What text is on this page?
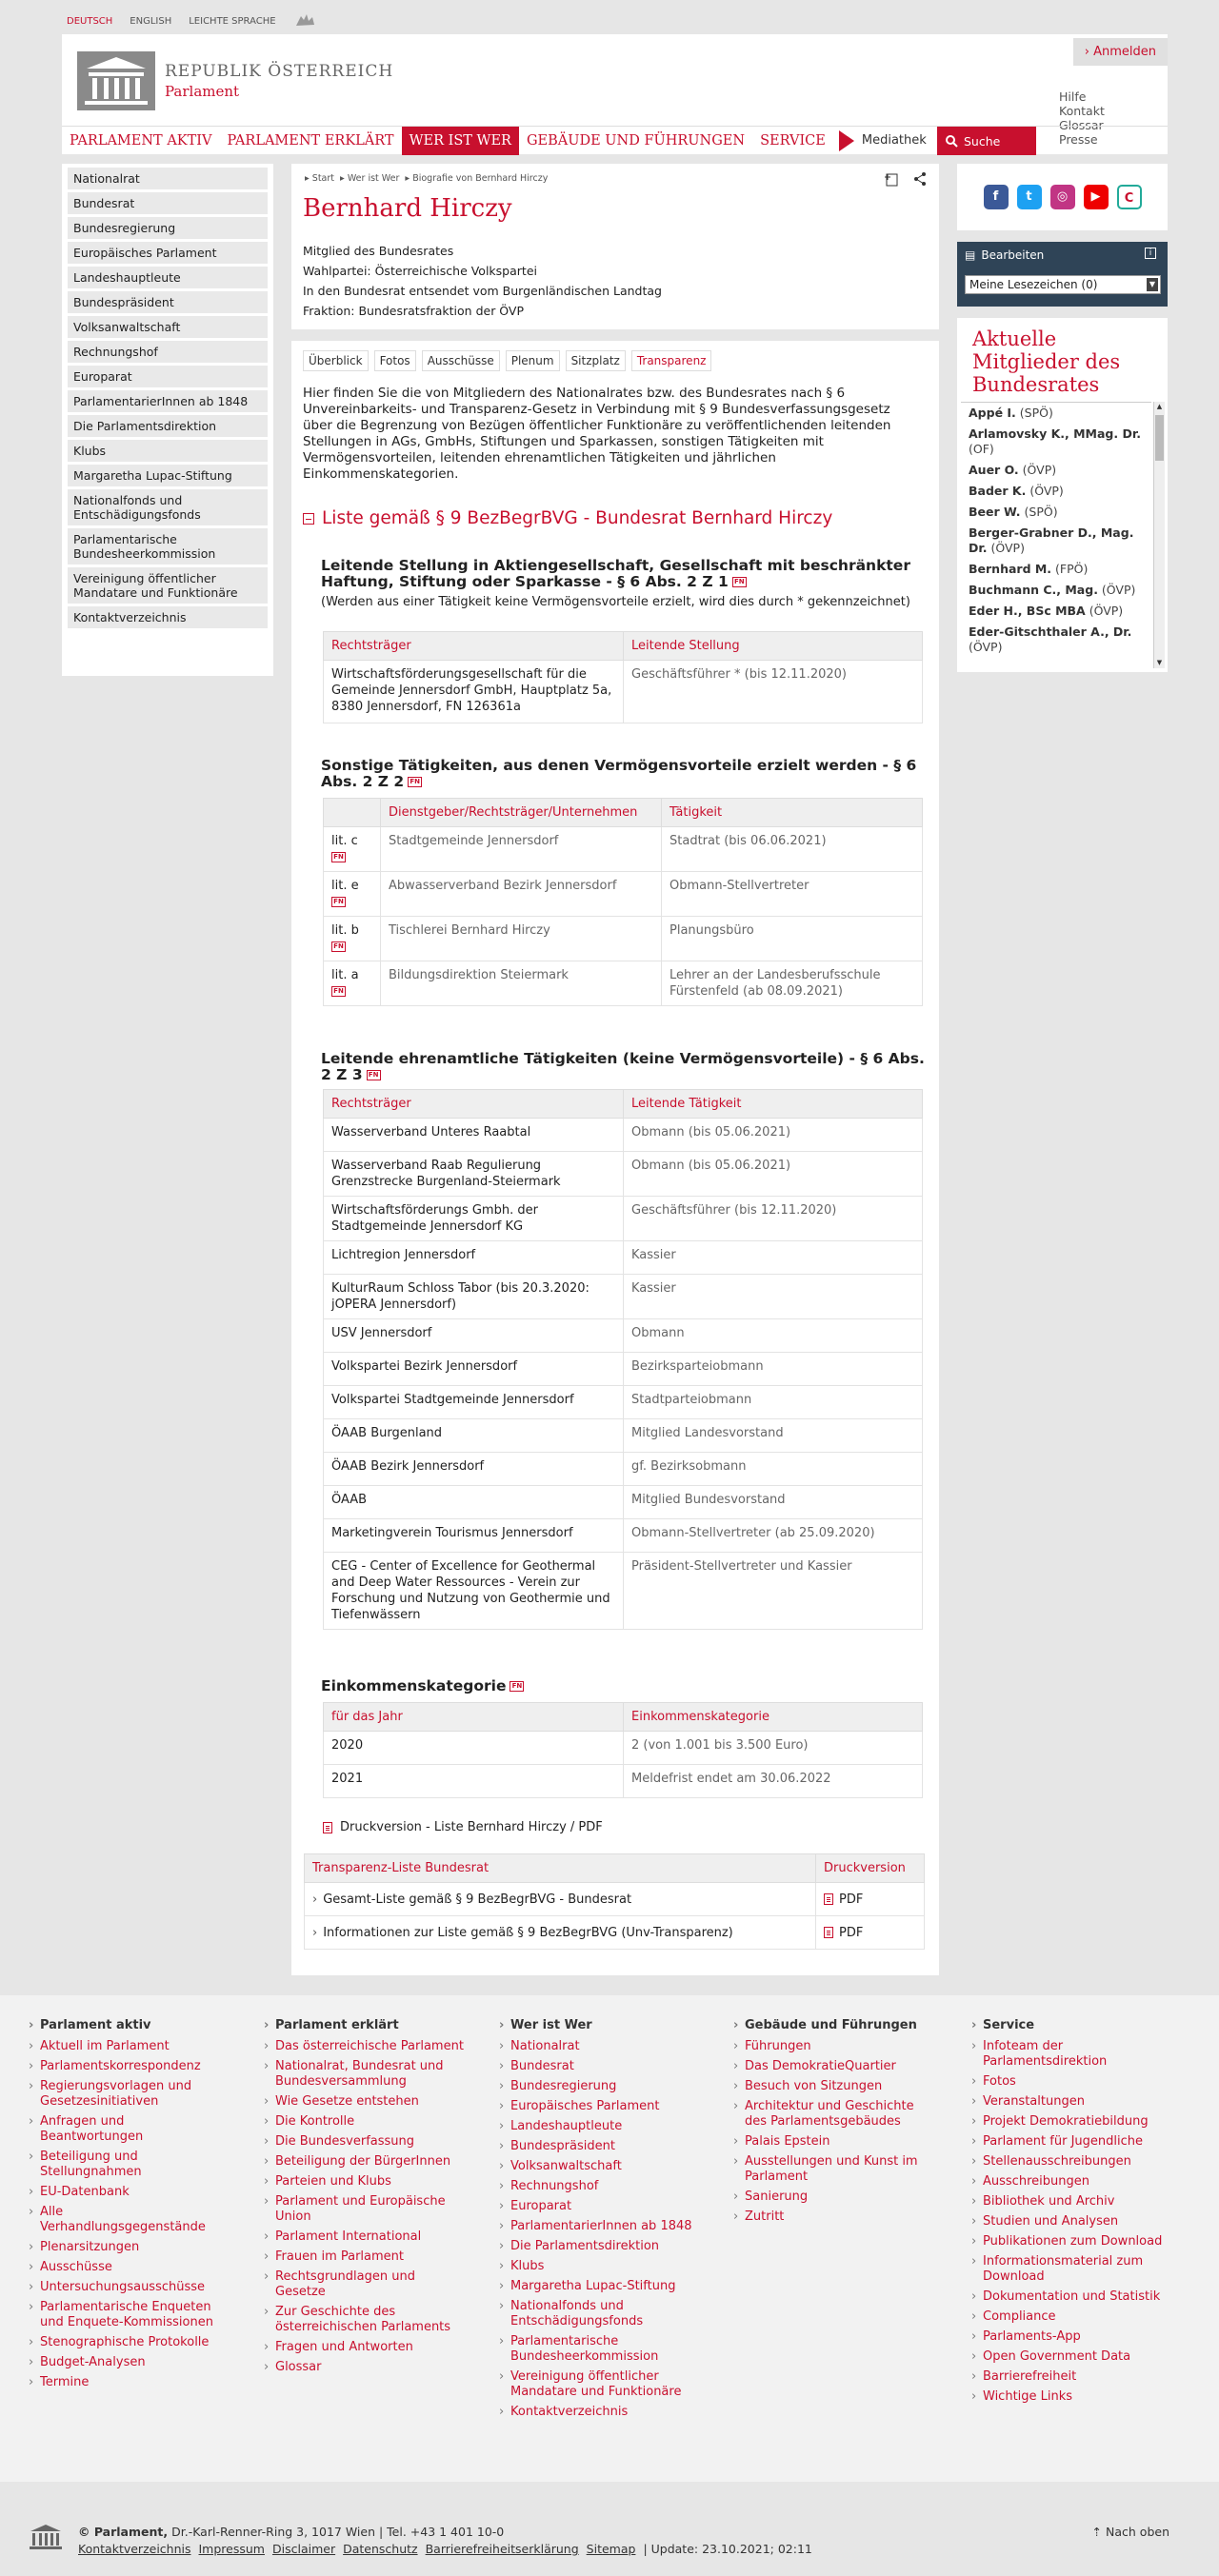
DEUTSCH ENGLISH LEICHTE SPRACHE
REPUBLIK ÖSTERREICH
Parlament
› Anmelden
Hilfe
Kontakt
Glossar
Presse
PARLAMENT AKTIV	PARLAMENT ERKLÄRT	WER IST WER	GEBÄUDE UND FÜHRUNGEN	SERVICE	Mediathek	Suche
Nationalrat
Bundesrat
Bundesregierung
Europäisches Parlament
Landeshauptleute
Bundespräsident
Volksanwaltschaft
Rechnungshof
Europarat
ParlamentarierInnen ab 1848
Die Parlamentsdirektion
Klubs
Margaretha Lupac-Stiftung
Nationalfonds und Entschädigungsfonds
Parlamentarische Bundesheerkommission
Vereinigung öffentlicher Mandatare und Funktionäre
Kontaktverzeichnis
▸ Start  ▸ Wer ist Wer  ▸ Biografie von Bernhard Hirczy
Bernhard Hirczy
Mitglied des Bundesrates
Wahlpartei: Österreichische Volkspartei
In den Bundesrat entsendet vom Burgenländischen Landtag
Fraktion: Bundesratsfraktion der ÖVP
Überblick	Fotos	Ausschüsse	Plenum	Sitzplatz	Transparenz
Hier finden Sie die von Mitgliedern des Nationalrates bzw. des Bundesrates nach § 6 Unvereinbarkeits- und Transparenz-Gesetz in Verbindung mit § 9 Bundesverfassungsgesetz über die Begrenzung von Bezügen öffentlicher Funktionäre zu veröffentlichenden leitenden Stellungen in AGs, GmbHs, Stiftungen und Sparkassen, sonstigen Tätigkeiten mit Vermögensvorteilen, leitenden ehrenamtlichen Tätigkeiten und jährlichen Einkommenskategorien.
Liste gemäß § 9 BezBegrBVG - Bundesrat Bernhard Hirczy
Leitende Stellung in Aktiengesellschaft, Gesellschaft mit beschränkter Haftung, Stiftung oder Sparkasse - § 6 Abs. 2 Z 1 FN
(Werden aus einer Tätigkeit keine Vermögensvorteile erzielt, wird dies durch * gekennzeichnet)
Rechtsträger	Leitende Stellung
Wirtschaftsförderungsgesellschaft für die Gemeinde Jennersdorf GmbH, Hauptplatz 5a, 8380 Jennersdorf, FN 126361a	Geschäftsführer * (bis 12.11.2020)
Sonstige Tätigkeiten, aus denen Vermögensvorteile erzielt werden - § 6 Abs. 2 Z 2 FN
	Dienstgeber/Rechtsträger/Unternehmen	Tätigkeit
lit. c
FN	Stadtgemeinde Jennersdorf	Stadtrat (bis 06.06.2021)
lit. e
FN	Abwasserverband Bezirk Jennersdorf	Obmann-Stellvertreter
lit. b
FN	Tischlerei Bernhard Hirczy	Planungsbüro
lit. a
FN	Bildungsdirektion Steiermark	Lehrer an der Landesberufsschule Fürstenfeld (ab 08.09.2021)
Leitende ehrenamtliche Tätigkeiten (keine Vermögensvorteile) - § 6 Abs. 2 Z 3 FN
Rechtsträger	Leitende Tätigkeit
Wasserverband Unteres Raabtal	Obmann (bis 05.06.2021)
Wasserverband Raab Regulierung Grenzstrecke Burgenland-Steiermark	Obmann (bis 05.06.2021)
Wirtschaftsförderungs Gmbh. der Stadtgemeinde Jennersdorf KG	Geschäftsführer (bis 12.11.2020)
Lichtregion Jennersdorf	Kassier
KulturRaum Schloss Tabor (bis 20.3.2020: jOPERA Jennersdorf)	Kassier
USV Jennersdorf	Obmann
Volkspartei Bezirk Jennersdorf	Bezirksparteiobmann
Volkspartei Stadtgemeinde Jennersdorf	Stadtparteiobmann
ÖAAB Burgenland	Mitglied Landesvorstand
ÖAAB Bezirk Jennersdorf	gf. Bezirksobmann
ÖAAB	Mitglied Bundesvorstand
Marketingverein Tourismus Jennersdorf	Obmann-Stellvertreter (ab 25.09.2020)
CEG - Center of Excellence for Geothermal and Deep Water Ressources - Verein zur Forschung und Nutzung von Geothermie und Tiefenwässern	Präsident-Stellvertreter und Kassier
Einkommenskategorie FN
für das Jahr	Einkommenskategorie
2020	2 (von 1.001 bis 3.500 Euro)
2021	Meldefrist endet am 30.06.2022
Druckversion - Liste Bernhard Hirczy / PDF
Transparenz-Liste Bundesrat	Druckversion
› Gesamt-Liste gemäß § 9 BezBegrBVG - Bundesrat	PDF
› Informationen zur Liste gemäß § 9 BezBegrBVG (Unv-Transparenz)	PDF
f	t	◎	▶	C
▤ Bearbeiten	i
Meine Lesezeichen (0)	▼
Aktuelle Mitglieder des Bundesrates
Appé I. (SPÖ)
Arlamovsky K., MMag. Dr. (OF)
Auer O. (ÖVP)
Bader K. (ÖVP)
Beer W. (SPÖ)
Berger-Grabner D., Mag. Dr. (ÖVP)
Bernhard M. (FPÖ)
Buchmann C., Mag. (ÖVP)
Eder H., BSc MBA (ÖVP)
Eder-Gitschthaler A., Dr. (ÖVP)
▲
▼
› Parlament aktiv
› Aktuell im Parlament
› Parlamentskorrespondenz
› Regierungsvorlagen und Gesetzesinitiativen
› Anfragen und Beantwortungen
› Beteiligung und Stellungnahmen
› EU-Datenbank
› Alle Verhandlungsgegenstände
› Plenarsitzungen
› Ausschüsse
› Untersuchungsausschüsse
› Parlamentarische Enqueten und Enquete-Kommissionen
› Stenographische Protokolle
› Budget-Analysen
› Termine
› Parlament erklärt
› Das österreichische Parlament
› Nationalrat, Bundesrat und Bundesversammlung
› Wie Gesetze entstehen
› Die Kontrolle
› Die Bundesverfassung
› Beteiligung der BürgerInnen
› Parteien und Klubs
› Parlament und Europäische Union
› Parlament International
› Frauen im Parlament
› Rechtsgrundlagen und Gesetze
› Zur Geschichte des österreichischen Parlaments
› Fragen und Antworten
› Glossar
› Wer ist Wer
› Nationalrat
› Bundesrat
› Bundesregierung
› Europäisches Parlament
› Landeshauptleute
› Bundespräsident
› Volksanwaltschaft
› Rechnungshof
› Europarat
› ParlamentarierInnen ab 1848
› Die Parlamentsdirektion
› Klubs
› Margaretha Lupac-Stiftung
› Nationalfonds und Entschädigungsfonds
› Parlamentarische Bundesheerkommission
› Vereinigung öffentlicher Mandatare und Funktionäre
› Kontaktverzeichnis
› Gebäude und Führungen
› Führungen
› Das DemokratieQuartier
› Besuch von Sitzungen
› Architektur und Geschichte des Parlamentsgebäudes
› Palais Epstein
› Ausstellungen und Kunst im Parlament
› Sanierung
› Zutritt
› Service
› Infoteam der Parlamentsdirektion
› Fotos
› Veranstaltungen
› Projekt Demokratiebildung
› Parlament für Jugendliche
› Stellenausschreibungen
› Ausschreibungen
› Bibliothek und Archiv
› Studien und Analysen
› Publikationen zum Download
› Informationsmaterial zum Download
› Dokumentation und Statistik
› Compliance
› Parlaments-App
› Open Government Data
› Barrierefreiheit
› Wichtige Links
© Parlament, Dr.-Karl-Renner-Ring 3, 1017 Wien | Tel. +43 1 401 10-0
Kontaktverzeichnis Impressum Disclaimer Datenschutz Barrierefreiheitserklärung Sitemap | Update: 23.10.2021; 02:11
⇡ Nach oben
